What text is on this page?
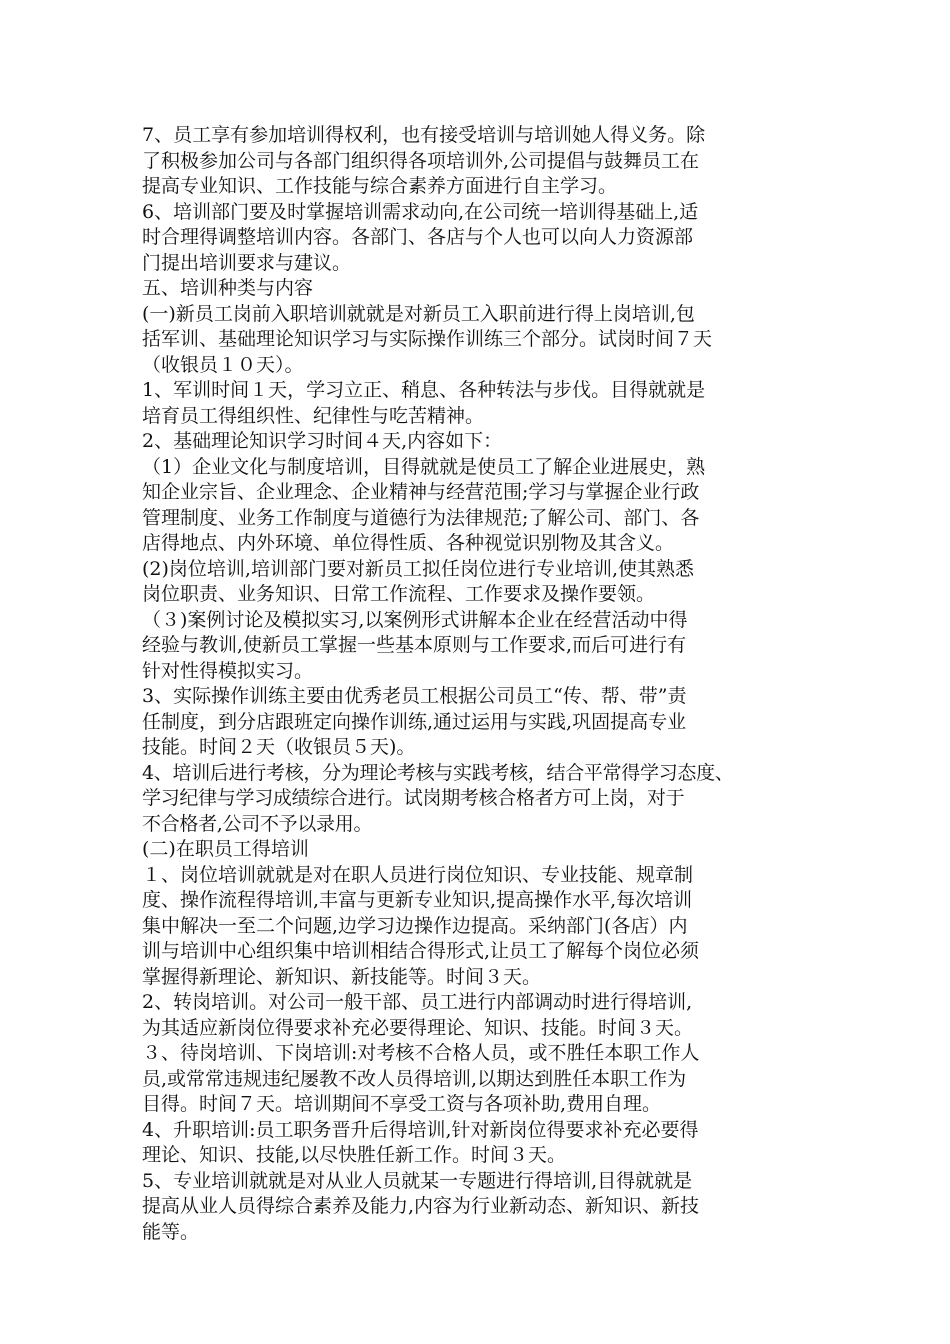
7、员工享有参加培训得权利，也有接受培训与培训她人得义务。除
了积极参加公司与各部门组织得各项培训外,公司提倡与鼓舞员工在
提高专业知识、工作技能与综合素养方面进行自主学习。

6、培训部门要及时掌握培训需求动向,在公司统一培训得基础上,适
时合理得调整培训内容。各部门、各店与个人也可以向人力资源部
门提出培训要求与建议。

五、培训种类与内容

(一)新员工岗前入职培训就就是对新员工入职前进行得上岗培训,包
括军训、基础理论知识学习与实际操作训练三个部分。试岗时间７天
（收银员１０天）。

1、军训时间１天，学习立正、稍息、各种转法与步伐。目得就就是
培育员工得组织性、纪律性与吃苦精神。

2、基础理论知识学习时间４天,内容如下：

（1）企业文化与制度培训，目得就就是使员工了解企业进展史，熟
知企业宗旨、企业理念、企业精神与经营范围;学习与掌握企业行政
管理制度、业务工作制度与道德行为法律规范;了解公司、部门、各
店得地点、内外环境、单位得性质、各种视觉识别物及其含义。

(2)岗位培训,培训部门要对新员工拟任岗位进行专业培训,使其熟悉
岗位职责、业务知识、日常工作流程、工作要求及操作要领。

（３)案例讨论及模拟实习,以案例形式讲解本企业在经营活动中得
经验与教训,使新员工掌握一些基本原则与工作要求,而后可进行有
针对性得模拟实习。

3、实际操作训练主要由优秀老员工根据公司员工“传、帮、带”责
任制度，到分店跟班定向操作训练,通过运用与实践,巩固提高专业
技能。时间２天（收银员５天)。

4、培训后进行考核，分为理论考核与实践考核，结合平常得学习态度、
学习纪律与学习成绩综合进行。试岗期考核合格者方可上岗，对于
不合格者,公司不予以录用。

(二)在职员工得培训

１、岗位培训就就是对在职人员进行岗位知识、专业技能、规章制
度、操作流程得培训,丰富与更新专业知识,提高操作水平,每次培训
集中解决一至二个问题,边学习边操作边提高。采纳部门(各店）内
训与培训中心组织集中培训相结合得形式,让员工了解每个岗位必须
掌握得新理论、新知识、新技能等。时间３天。

2、转岗培训。对公司一般干部、员工进行内部调动时进行得培训,
为其适应新岗位得要求补充必要得理论、知识、技能。时间３天。

３、待岗培训、下岗培训:对考核不合格人员，或不胜任本职工作人
员,或常常违规违纪屡教不改人员得培训,以期达到胜任本职工作为
目得。时间７天。培训期间不享受工资与各项补助,费用自理。

4、升职培训:员工职务晋升后得培训,针对新岗位得要求补充必要得
理论、知识、技能,以尽快胜任新工作。时间３天。

5、专业培训就就是对从业人员就某一专题进行得培训,目得就就是
提高从业人员得综合素养及能力,内容为行业新动态、新知识、新技
能等。
